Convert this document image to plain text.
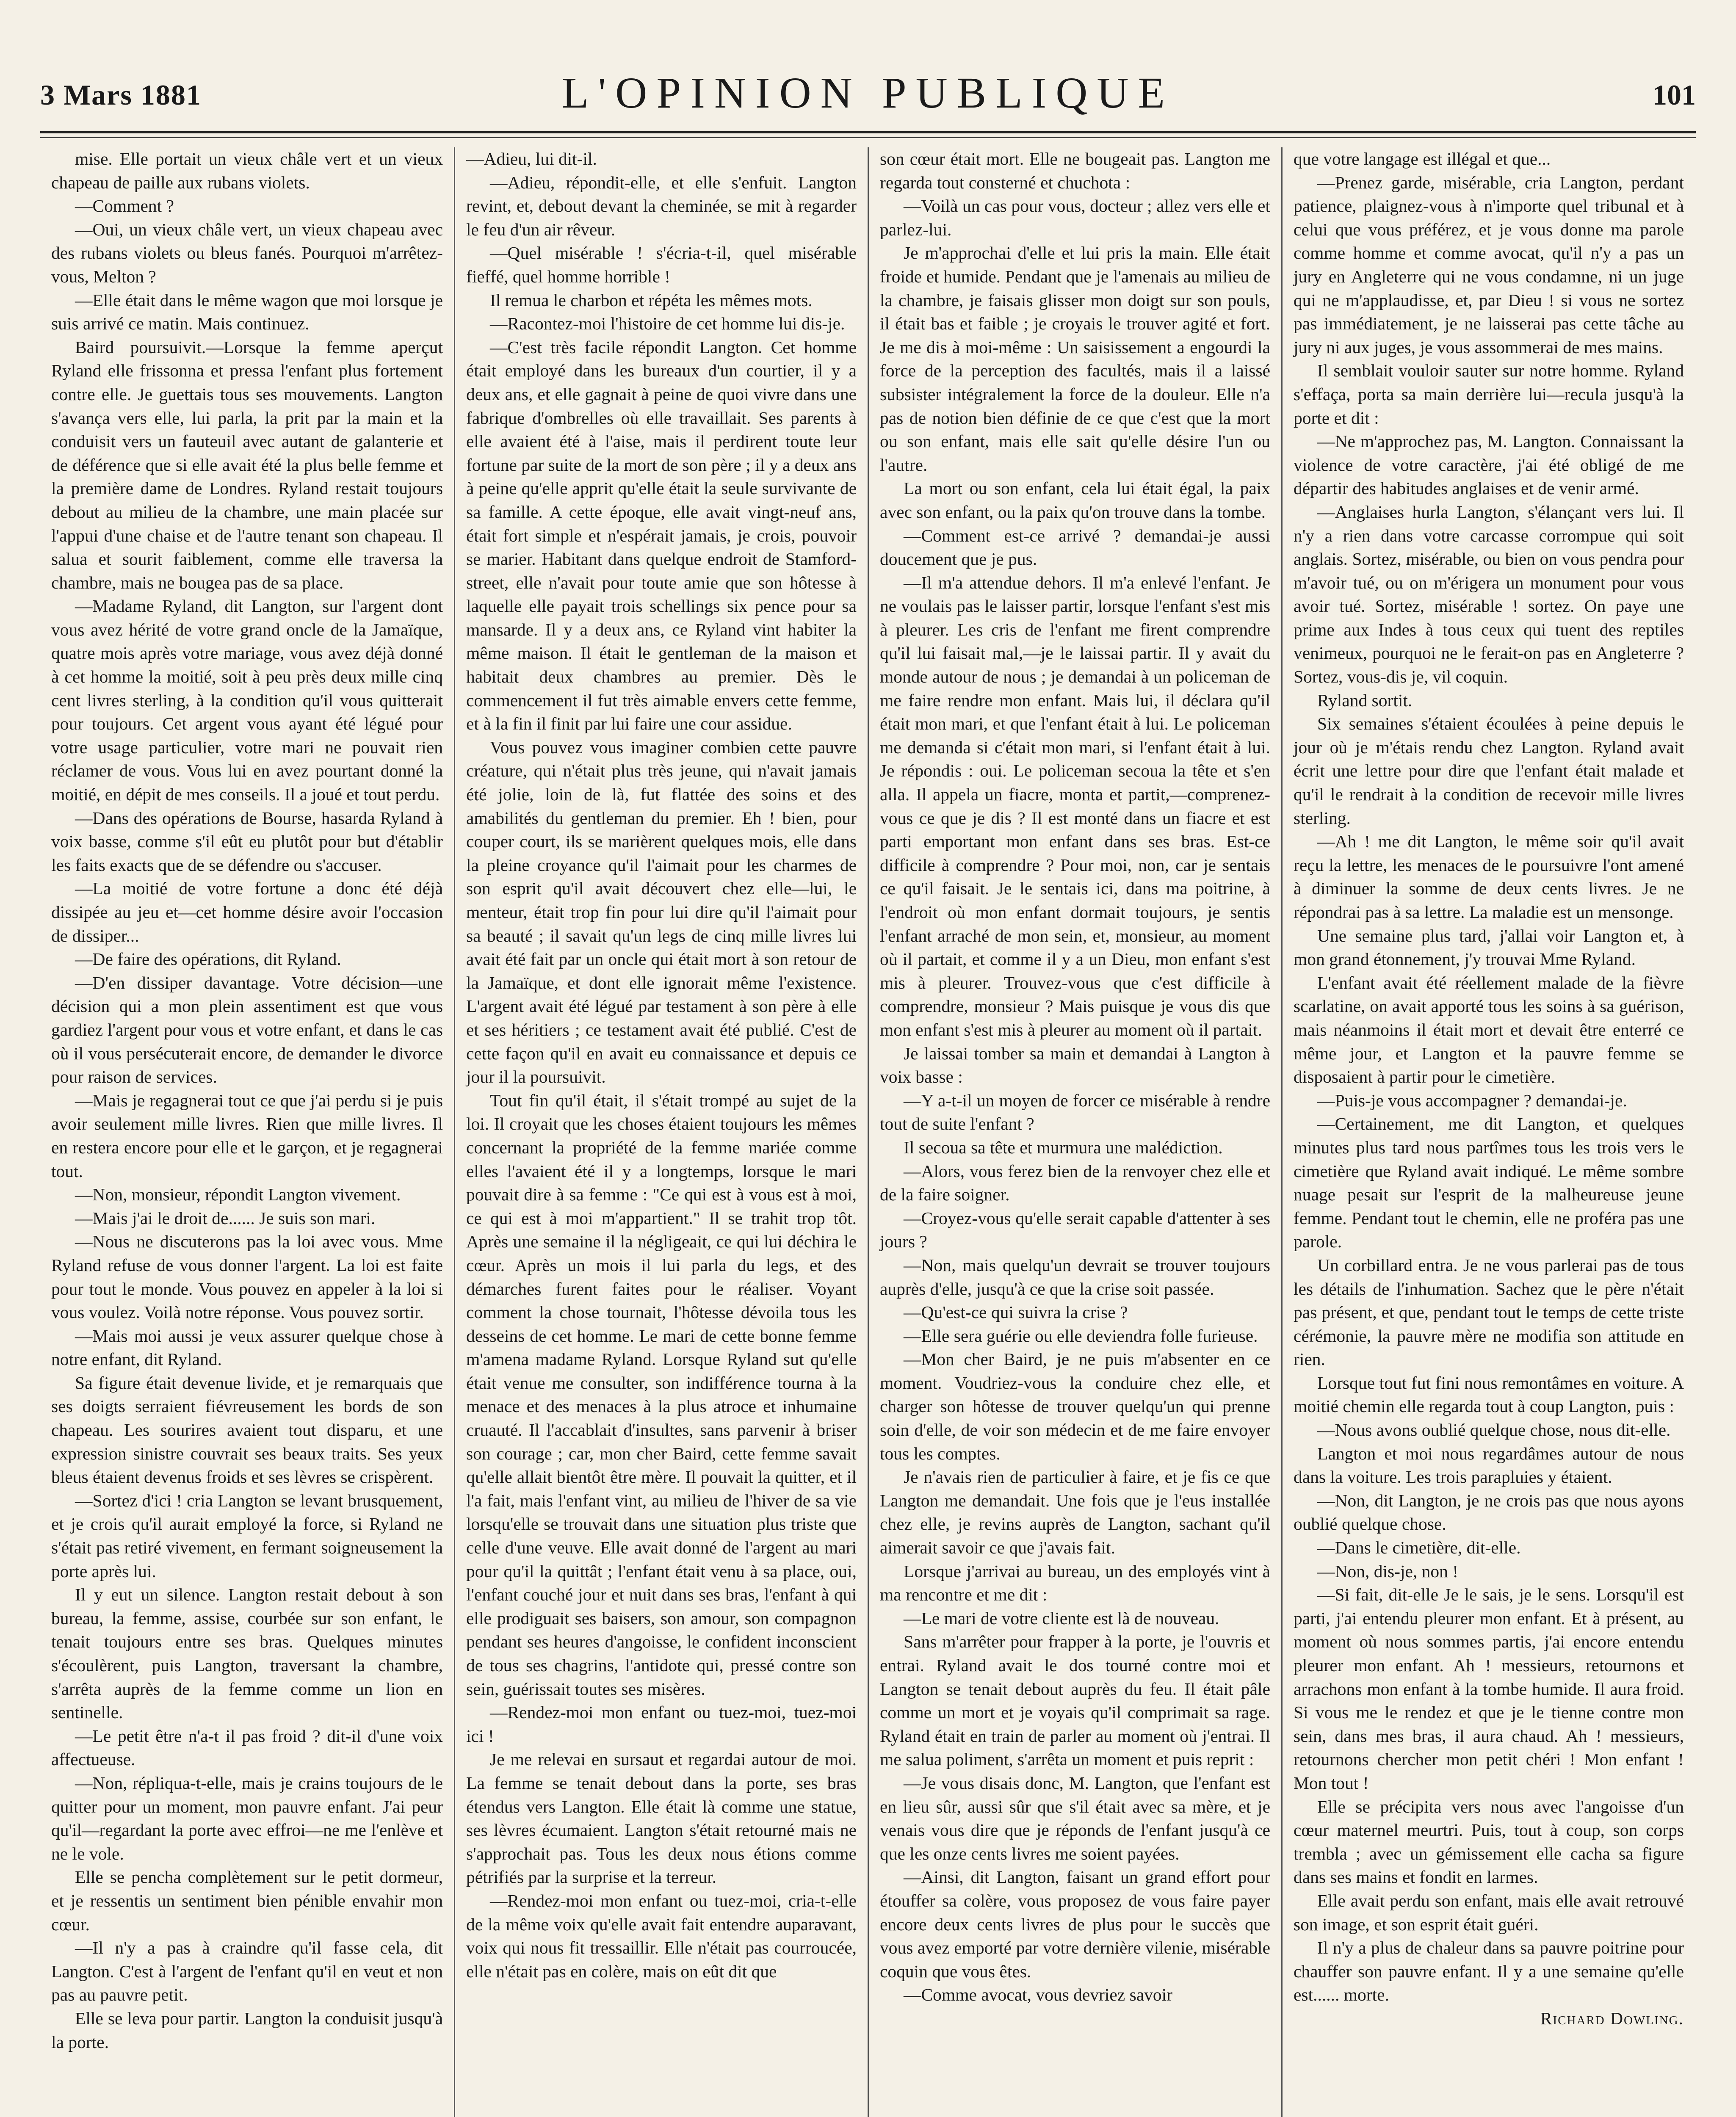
3 Mars 1881	L'OPINION PUBLIQUE	101

mise. Elle portait un vieux châle vert et un vieux chapeau de paille aux rubans violets.

—Comment ?

—Oui, un vieux châle vert, un vieux chapeau avec des rubans violets ou bleus fanés. Pourquoi m'arrêtez-vous, Melton ?

—Elle était dans le même wagon que moi lorsque je suis arrivé ce matin. Mais continuez.

Baird poursuivit.—Lorsque la femme aperçut Ryland elle frissonna et pressa l'enfant plus fortement contre elle. Je guettais tous ses mouvements. Langton s'avança vers elle, lui parla, la prit par la main et la conduisit vers un fauteuil avec autant de galanterie et de déférence que si elle avait été la plus belle femme et la première dame de Londres. Ryland restait toujours debout au milieu de la chambre, une main placée sur l'appui d'une chaise et de l'autre tenant son chapeau. Il salua et sourit faiblement, comme elle traversa la chambre, mais ne bougea pas de sa place.

—Madame Ryland, dit Langton, sur l'argent dont vous avez hérité de votre grand oncle de la Jamaïque, quatre mois après votre mariage, vous avez déjà donné à cet homme la moitié, soit à peu près deux mille cinq cent livres sterling, à la condition qu'il vous quitterait pour toujours. Cet argent vous ayant été légué pour votre usage particulier, votre mari ne pouvait rien réclamer de vous. Vous lui en avez pourtant donné la moitié, en dépit de mes conseils. Il a joué et tout perdu.

—Dans des opérations de Bourse, hasarda Ryland à voix basse, comme s'il eût eu plutôt pour but d'établir les faits exacts que de se défendre ou s'accuser.

—La moitié de votre fortune a donc été déjà dissipée au jeu et—cet homme désire avoir l'occasion de dissiper...

—De faire des opérations, dit Ryland.

—D'en dissiper davantage. Votre décision—une décision qui a mon plein assentiment est que vous gardiez l'argent pour vous et votre enfant, et dans le cas où il vous persécuterait encore, de demander le divorce pour raison de services.

—Mais je regagnerai tout ce que j'ai perdu si je puis avoir seulement mille livres. Rien que mille livres. Il en restera encore pour elle et le garçon, et je regagnerai tout.

—Non, monsieur, répondit Langton vivement.

—Mais j'ai le droit de...... Je suis son mari.

—Nous ne discuterons pas la loi avec vous. Mme Ryland refuse de vous donner l'argent. La loi est faite pour tout le monde. Vous pouvez en appeler à la loi si vous voulez. Voilà notre réponse. Vous pouvez sortir.

—Mais moi aussi je veux assurer quelque chose à notre enfant, dit Ryland.

Sa figure était devenue livide, et je remarquais que ses doigts serraient fiévreusement les bords de son chapeau. Les sourires avaient tout disparu, et une expression sinistre couvrait ses beaux traits. Ses yeux bleus étaient devenus froids et ses lèvres se crispèrent.

—Sortez d'ici ! cria Langton se levant brusquement, et je crois qu'il aurait employé la force, si Ryland ne s'était pas retiré vivement, en fermant soigneusement la porte après lui.

Il y eut un silence. Langton restait debout à son bureau, la femme, assise, courbée sur son enfant, le tenait toujours entre ses bras. Quelques minutes s'écoulèrent, puis Langton, traversant la chambre, s'arrêta auprès de la femme comme un lion en sentinelle.

—Le petit être n'a-t il pas froid ? dit-il d'une voix affectueuse.

—Non, répliqua-t-elle, mais je crains toujours de le quitter pour un moment, mon pauvre enfant. J'ai peur qu'il—regardant la porte avec effroi—ne me l'enlève et ne le vole.

Elle se pencha complètement sur le petit dormeur, et je ressentis un sentiment bien pénible envahir mon cœur.

—Il n'y a pas à craindre qu'il fasse cela, dit Langton. C'est à l'argent de l'enfant qu'il en veut et non pas au pauvre petit.

Elle se leva pour partir. Langton la conduisit jusqu'à la porte.

—Adieu, lui dit-il.

—Adieu, répondit-elle, et elle s'enfuit. Langton revint, et, debout devant la cheminée, se mit à regarder le feu d'un air rêveur.

—Quel misérable ! s'écria-t-il, quel misérable fieffé, quel homme horrible !

Il remua le charbon et répéta les mêmes mots.

—Racontez-moi l'histoire de cet homme lui dis-je.

—C'est très facile répondit Langton. Cet homme était employé dans les bureaux d'un courtier, il y a deux ans, et elle gagnait à peine de quoi vivre dans une fabrique d'ombrelles où elle travaillait. Ses parents à elle avaient été à l'aise, mais il perdirent toute leur fortune par suite de la mort de son père ; il y a deux ans à peine qu'elle apprit qu'elle était la seule survivante de sa famille. A cette époque, elle avait vingt-neuf ans, était fort simple et n'espérait jamais, je crois, pouvoir se marier. Habitant dans quelque endroit de Stamford-street, elle n'avait pour toute amie que son hôtesse à laquelle elle payait trois schellings six pence pour sa mansarde. Il y a deux ans, ce Ryland vint habiter la même maison. Il était le gentleman de la maison et habitait deux chambres au premier. Dès le commencement il fut très aimable envers cette femme, et à la fin il finit par lui faire une cour assidue.

Vous pouvez vous imaginer combien cette pauvre créature, qui n'était plus très jeune, qui n'avait jamais été jolie, loin de là, fut flattée des soins et des amabilités du gentleman du premier. Eh ! bien, pour couper court, ils se marièrent quelques mois, elle dans la pleine croyance qu'il l'aimait pour les charmes de son esprit qu'il avait découvert chez elle—lui, le menteur, était trop fin pour lui dire qu'il l'aimait pour sa beauté ; il savait qu'un legs de cinq mille livres lui avait été fait par un oncle qui était mort à son retour de la Jamaïque, et dont elle ignorait même l'existence. L'argent avait été légué par testament à son père à elle et ses héritiers ; ce testament avait été publié. C'est de cette façon qu'il en avait eu connaissance et depuis ce jour il la poursuivit.

Tout fin qu'il était, il s'était trompé au sujet de la loi. Il croyait que les choses étaient toujours les mêmes concernant la propriété de la femme mariée comme elles l'avaient été il y a longtemps, lorsque le mari pouvait dire à sa femme : "Ce qui est à vous est à moi, ce qui est à moi m'appartient." Il se trahit trop tôt. Après une semaine il la négligeait, ce qui lui déchira le cœur. Après un mois il lui parla du legs, et des démarches furent faites pour le réaliser. Voyant comment la chose tournait, l'hôtesse dévoila tous les desseins de cet homme. Le mari de cette bonne femme m'amena madame Ryland. Lorsque Ryland sut qu'elle était venue me consulter, son indifférence tourna à la menace et des menaces à la plus atroce et inhumaine cruauté. Il l'accablait d'insultes, sans parvenir à briser son courage ; car, mon cher Baird, cette femme savait qu'elle allait bientôt être mère. Il pouvait la quitter, et il l'a fait, mais l'enfant vint, au milieu de l'hiver de sa vie lorsqu'elle se trouvait dans une situation plus triste que celle d'une veuve. Elle avait donné de l'argent au mari pour qu'il la quittât ; l'enfant était venu à sa place, oui, l'enfant couché jour et nuit dans ses bras, l'enfant à qui elle prodiguait ses baisers, son amour, son compagnon pendant ses heures d'angoisse, le confident inconscient de tous ses chagrins, l'antidote qui, pressé contre son sein, guérissait toutes ses misères.

—Rendez-moi mon enfant ou tuez-moi, tuez-moi ici !

Je me relevai en sursaut et regardai autour de moi. La femme se tenait debout dans la porte, ses bras étendus vers Langton. Elle était là comme une statue, ses lèvres écumaient. Langton s'était retourné mais ne s'approchait pas. Tous les deux nous étions comme pétrifiés par la surprise et la terreur.

—Rendez-moi mon enfant ou tuez-moi, cria-t-elle de la même voix qu'elle avait fait entendre auparavant, voix qui nous fit tressaillir. Elle n'était pas courroucée, elle n'était pas en colère, mais on eût dit que

son cœur était mort. Elle ne bougeait pas. Langton me regarda tout consterné et chuchota :

—Voilà un cas pour vous, docteur ; allez vers elle et parlez-lui.

Je m'approchai d'elle et lui pris la main. Elle était froide et humide. Pendant que je l'amenais au milieu de la chambre, je faisais glisser mon doigt sur son pouls, il était bas et faible ; je croyais le trouver agité et fort. Je me dis à moi-même : Un saisissement a engourdi la force de la perception des facultés, mais il a laissé subsister intégralement la force de la douleur. Elle n'a pas de notion bien définie de ce que c'est que la mort ou son enfant, mais elle sait qu'elle désire l'un ou l'autre.

La mort ou son enfant, cela lui était égal, la paix avec son enfant, ou la paix qu'on trouve dans la tombe.

—Comment est-ce arrivé ? demandai-je aussi doucement que je pus.

—Il m'a attendue dehors. Il m'a enlevé l'enfant. Je ne voulais pas le laisser partir, lorsque l'enfant s'est mis à pleurer. Les cris de l'enfant me firent comprendre qu'il lui faisait mal,—je le laissai partir. Il y avait du monde autour de nous ; je demandai à un policeman de me faire rendre mon enfant. Mais lui, il déclara qu'il était mon mari, et que l'enfant était à lui. Le policeman me demanda si c'était mon mari, si l'enfant était à lui. Je répondis : oui. Le policeman secoua la tête et s'en alla. Il appela un fiacre, monta et partit,—comprenez-vous ce que je dis ? Il est monté dans un fiacre et est parti emportant mon enfant dans ses bras. Est-ce difficile à comprendre ? Pour moi, non, car je sentais ce qu'il faisait. Je le sentais ici, dans ma poitrine, à l'endroit où mon enfant dormait toujours, je sentis l'enfant arraché de mon sein, et, monsieur, au moment où il partait, et comme il y a un Dieu, mon enfant s'est mis à pleurer. Trouvez-vous que c'est difficile à comprendre, monsieur ? Mais puisque je vous dis que mon enfant s'est mis à pleurer au moment où il partait.

Je laissai tomber sa main et demandai à Langton à voix basse :

—Y a-t-il un moyen de forcer ce misérable à rendre tout de suite l'enfant ?

Il secoua sa tête et murmura une malédiction.

—Alors, vous ferez bien de la renvoyer chez elle et de la faire soigner.

—Croyez-vous qu'elle serait capable d'attenter à ses jours ?

—Non, mais quelqu'un devrait se trouver toujours auprès d'elle, jusqu'à ce que la crise soit passée.

—Qu'est-ce qui suivra la crise ?

—Elle sera guérie ou elle deviendra folle furieuse.

—Mon cher Baird, je ne puis m'absenter en ce moment. Voudriez-vous la conduire chez elle, et charger son hôtesse de trouver quelqu'un qui prenne soin d'elle, de voir son médecin et de me faire envoyer tous les comptes.

Je n'avais rien de particulier à faire, et je fis ce que Langton me demandait. Une fois que je l'eus installée chez elle, je revins auprès de Langton, sachant qu'il aimerait savoir ce que j'avais fait.

Lorsque j'arrivai au bureau, un des employés vint à ma rencontre et me dit :

—Le mari de votre cliente est là de nouveau.

Sans m'arrêter pour frapper à la porte, je l'ouvris et entrai. Ryland avait le dos tourné contre moi et Langton se tenait debout auprès du feu. Il était pâle comme un mort et je voyais qu'il comprimait sa rage. Ryland était en train de parler au moment où j'entrai. Il me salua poliment, s'arrêta un moment et puis reprit :

—Je vous disais donc, M. Langton, que l'enfant est en lieu sûr, aussi sûr que s'il était avec sa mère, et je venais vous dire que je réponds de l'enfant jusqu'à ce que les onze cents livres me soient payées.

—Ainsi, dit Langton, faisant un grand effort pour étouffer sa colère, vous proposez de vous faire payer encore deux cents livres de plus pour le succès que vous avez emporté par votre dernière vilenie, misérable coquin que vous êtes.

—Comme avocat, vous devriez savoir

que votre langage est illégal et que...

—Prenez garde, misérable, cria Langton, perdant patience, plaignez-vous à n'importe quel tribunal et à celui que vous préférez, et je vous donne ma parole comme homme et comme avocat, qu'il n'y a pas un jury en Angleterre qui ne vous condamne, ni un juge qui ne m'applaudisse, et, par Dieu ! si vous ne sortez pas immédiatement, je ne laisserai pas cette tâche au jury ni aux juges, je vous assommerai de mes mains.

Il semblait vouloir sauter sur notre homme. Ryland s'effaça, porta sa main derrière lui—recula jusqu'à la porte et dit :

—Ne m'approchez pas, M. Langton. Connaissant la violence de votre caractère, j'ai été obligé de me départir des habitudes anglaises et de venir armé.

—Anglaises hurla Langton, s'élançant vers lui. Il n'y a rien dans votre carcasse corrompue qui soit anglais. Sortez, misérable, ou bien on vous pendra pour m'avoir tué, ou on m'érigera un monument pour vous avoir tué. Sortez, misérable ! sortez. On paye une prime aux Indes à tous ceux qui tuent des reptiles venimeux, pourquoi ne le ferait-on pas en Angleterre ? Sortez, vous-dis je, vil coquin.

Ryland sortit.

Six semaines s'étaient écoulées à peine depuis le jour où je m'étais rendu chez Langton. Ryland avait écrit une lettre pour dire que l'enfant était malade et qu'il le rendrait à la condition de recevoir mille livres sterling.

—Ah ! me dit Langton, le même soir qu'il avait reçu la lettre, les menaces de le poursuivre l'ont amené à diminuer la somme de deux cents livres. Je ne répondrai pas à sa lettre. La maladie est un mensonge.

Une semaine plus tard, j'allai voir Langton et, à mon grand étonnement, j'y trouvai Mme Ryland.

L'enfant avait été réellement malade de la fièvre scarlatine, on avait apporté tous les soins à sa guérison, mais néanmoins il était mort et devait être enterré ce même jour, et Langton et la pauvre femme se disposaient à partir pour le cimetière.

—Puis-je vous accompagner ? demandai-je.

—Certainement, me dit Langton, et quelques minutes plus tard nous partîmes tous les trois vers le cimetière que Ryland avait indiqué. Le même sombre nuage pesait sur l'esprit de la malheureuse jeune femme. Pendant tout le chemin, elle ne proféra pas une parole.

Un corbillard entra. Je ne vous parlerai pas de tous les détails de l'inhumation. Sachez que le père n'était pas présent, et que, pendant tout le temps de cette triste cérémonie, la pauvre mère ne modifia son attitude en rien.

Lorsque tout fut fini nous remontâmes en voiture. A moitié chemin elle regarda tout à coup Langton, puis :

—Nous avons oublié quelque chose, nous dit-elle.

Langton et moi nous regardâmes autour de nous dans la voiture. Les trois parapluies y étaient.

—Non, dit Langton, je ne crois pas que nous ayons oublié quelque chose.

—Dans le cimetière, dit-elle.

—Non, dis-je, non !

—Si fait, dit-elle Je le sais, je le sens. Lorsqu'il est parti, j'ai entendu pleurer mon enfant. Et à présent, au moment où nous sommes partis, j'ai encore entendu pleurer mon enfant. Ah ! messieurs, retournons et arrachons mon enfant à la tombe humide. Il aura froid. Si vous me le rendez et que je le tienne contre mon sein, dans mes bras, il aura chaud. Ah ! messieurs, retournons chercher mon petit chéri ! Mon enfant ! Mon tout !

Elle se précipita vers nous avec l'angoisse d'un cœur maternel meurtri. Puis, tout à coup, son corps trembla ; avec un gémissement elle cacha sa figure dans ses mains et fondit en larmes.

Elle avait perdu son enfant, mais elle avait retrouvé son image, et son esprit était guéri.

Il n'y a plus de chaleur dans sa pauvre poitrine pour chauffer son pauvre enfant. Il y a une semaine qu'elle est...... morte.

Richard Dowling.
